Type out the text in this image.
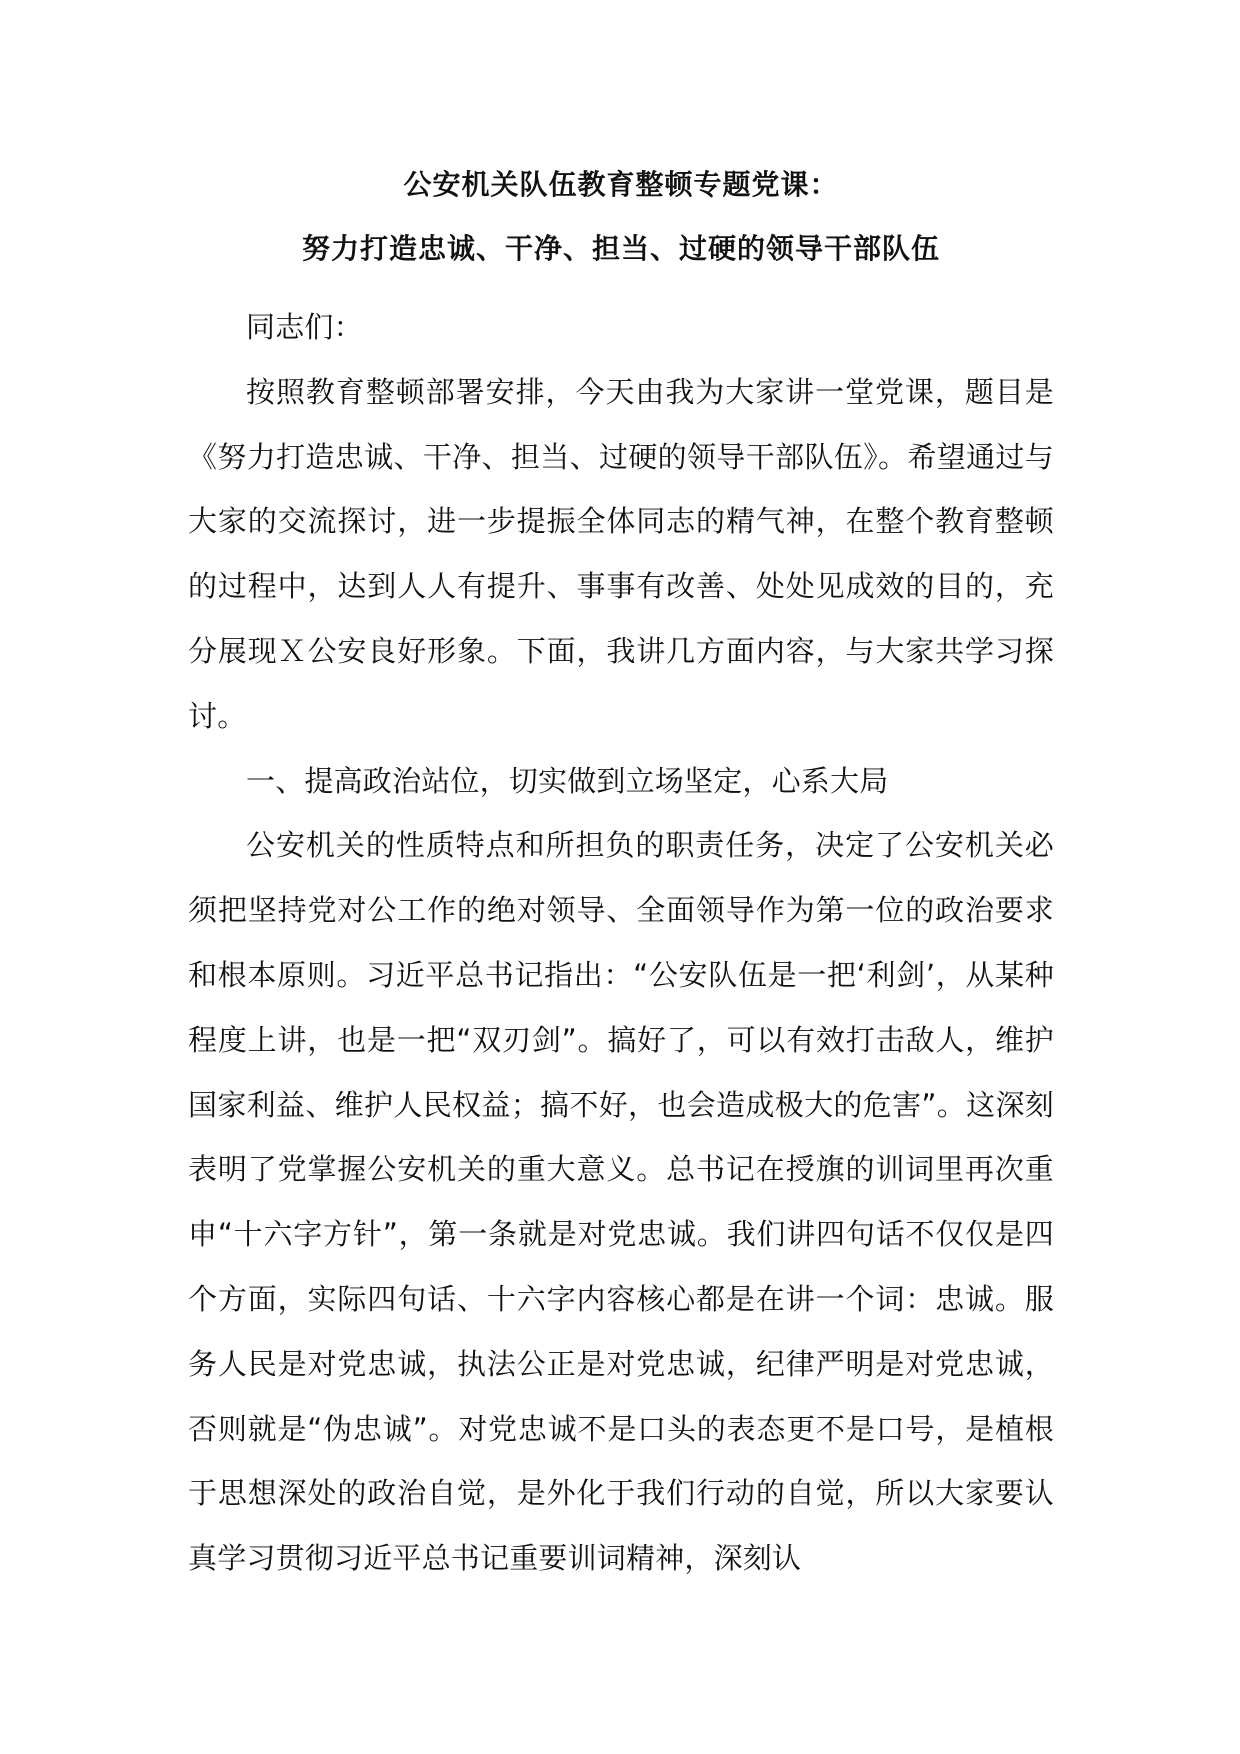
公安机关队伍教育整顿专题党课：
努力打造忠诚、干净、担当、过硬的领导干部队伍

同志们：

按照教育整顿部署安排，今天由我为大家讲一堂党课，题目是《努力打造忠诚、干净、担当、过硬的领导干部队伍》。希望通过与大家的交流探讨，进一步提振全体同志的精气神，在整个教育整顿的过程中，达到人人有提升、事事有改善、处处见成效的目的，充分展现Ｘ公安良好形象。下面，我讲几方面内容，与大家共学习探讨。

一、提高政治站位，切实做到立场坚定，心系大局

公安机关的性质特点和所担负的职责任务，决定了公安机关必须把坚持党对公工作的绝对领导、全面领导作为第一位的政治要求和根本原则。习近平总书记指出：“公安队伍是一把‘利剑’，从某种程度上讲，也是一把“双刃剑”。搞好了，可以有效打击敌人，维护国家利益、维护人民权益；搞不好，也会造成极大的危害”。这深刻表明了党掌握公安机关的重大意义。总书记在授旗的训词里再次重申“十六字方针”，第一条就是对党忠诚。我们讲四句话不仅仅是四个方面，实际四句话、十六字内容核心都是在讲一个词：忠诚。服务人民是对党忠诚，执法公正是对党忠诚，纪律严明是对党忠诚，否则就是“伪忠诚”。对党忠诚不是口头的表态更不是口号，是植根于思想深处的政治自觉，是外化于我们行动的自觉，所以大家要认真学习贯彻习近平总书记重要训词精神，深刻认
